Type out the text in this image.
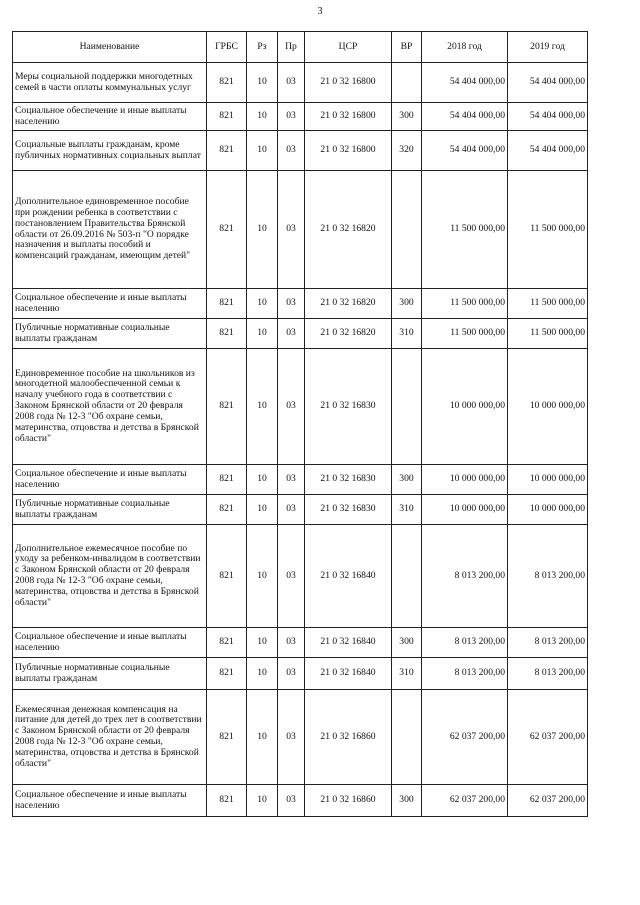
3
Наименование	ГРБС	Рз	Пр	ЦСР	ВР	2018 год	2019 год
Меры социальной поддержки многодетных семей в части оплаты коммунальных услуг	821	10	03	21 0 32 16800		54 404 000,00	54 404 000,00
Социальное обеспечение и иные выплаты населению	821	10	03	21 0 32 16800	300	54 404 000,00	54 404 000,00
Социальные выплаты гражданам, кроме публичных нормативных социальных выплат	821	10	03	21 0 32 16800	320	54 404 000,00	54 404 000,00
Дополнительное единовременное пособие при рождении ребенка в соответствии с постановлением Правительства Брянской области от 26.09.2016 № 503-п "О порядке назначения и выплаты пособий и компенсаций гражданам, имеющим детей"	821	10	03	21 0 32 16820		11 500 000,00	11 500 000,00
Социальное обеспечение и иные выплаты населению	821	10	03	21 0 32 16820	300	11 500 000,00	11 500 000,00
Публичные нормативные социальные выплаты гражданам	821	10	03	21 0 32 16820	310	11 500 000,00	11 500 000,00
Единовременное пособие на школьников из многодетной малообеспеченной семьи к началу учебного года в соответствии с Законом Брянской области от 20 февраля 2008 года № 12-3 "Об охране семьи, материнства, отцовства и детства в Брянской области"	821	10	03	21 0 32 16830		10 000 000,00	10 000 000,00
Социальное обеспечение и иные выплаты населению	821	10	03	21 0 32 16830	300	10 000 000,00	10 000 000,00
Публичные нормативные социальные выплаты гражданам	821	10	03	21 0 32 16830	310	10 000 000,00	10 000 000,00
Дополнительное ежемесячное пособие по уходу за ребенком-инвалидом в соответствии с Законом Брянской области от 20 февраля 2008 года № 12-3 "Об охране семьи, материнства, отцовства и детства в Брянской области"	821	10	03	21 0 32 16840		8 013 200,00	8 013 200,00
Социальное обеспечение и иные выплаты населению	821	10	03	21 0 32 16840	300	8 013 200,00	8 013 200,00
Публичные нормативные социальные выплаты гражданам	821	10	03	21 0 32 16840	310	8 013 200,00	8 013 200,00
Ежемесячная денежная компенсация на питание для детей до трех лет в соответствии с Законом Брянской области от 20 февраля 2008 года № 12-3 "Об охране семьи, материнства, отцовства и детства в Брянской области"	821	10	03	21 0 32 16860		62 037 200,00	62 037 200,00
Социальное обеспечение и иные выплаты населению	821	10	03	21 0 32 16860	300	62 037 200,00	62 037 200,00
